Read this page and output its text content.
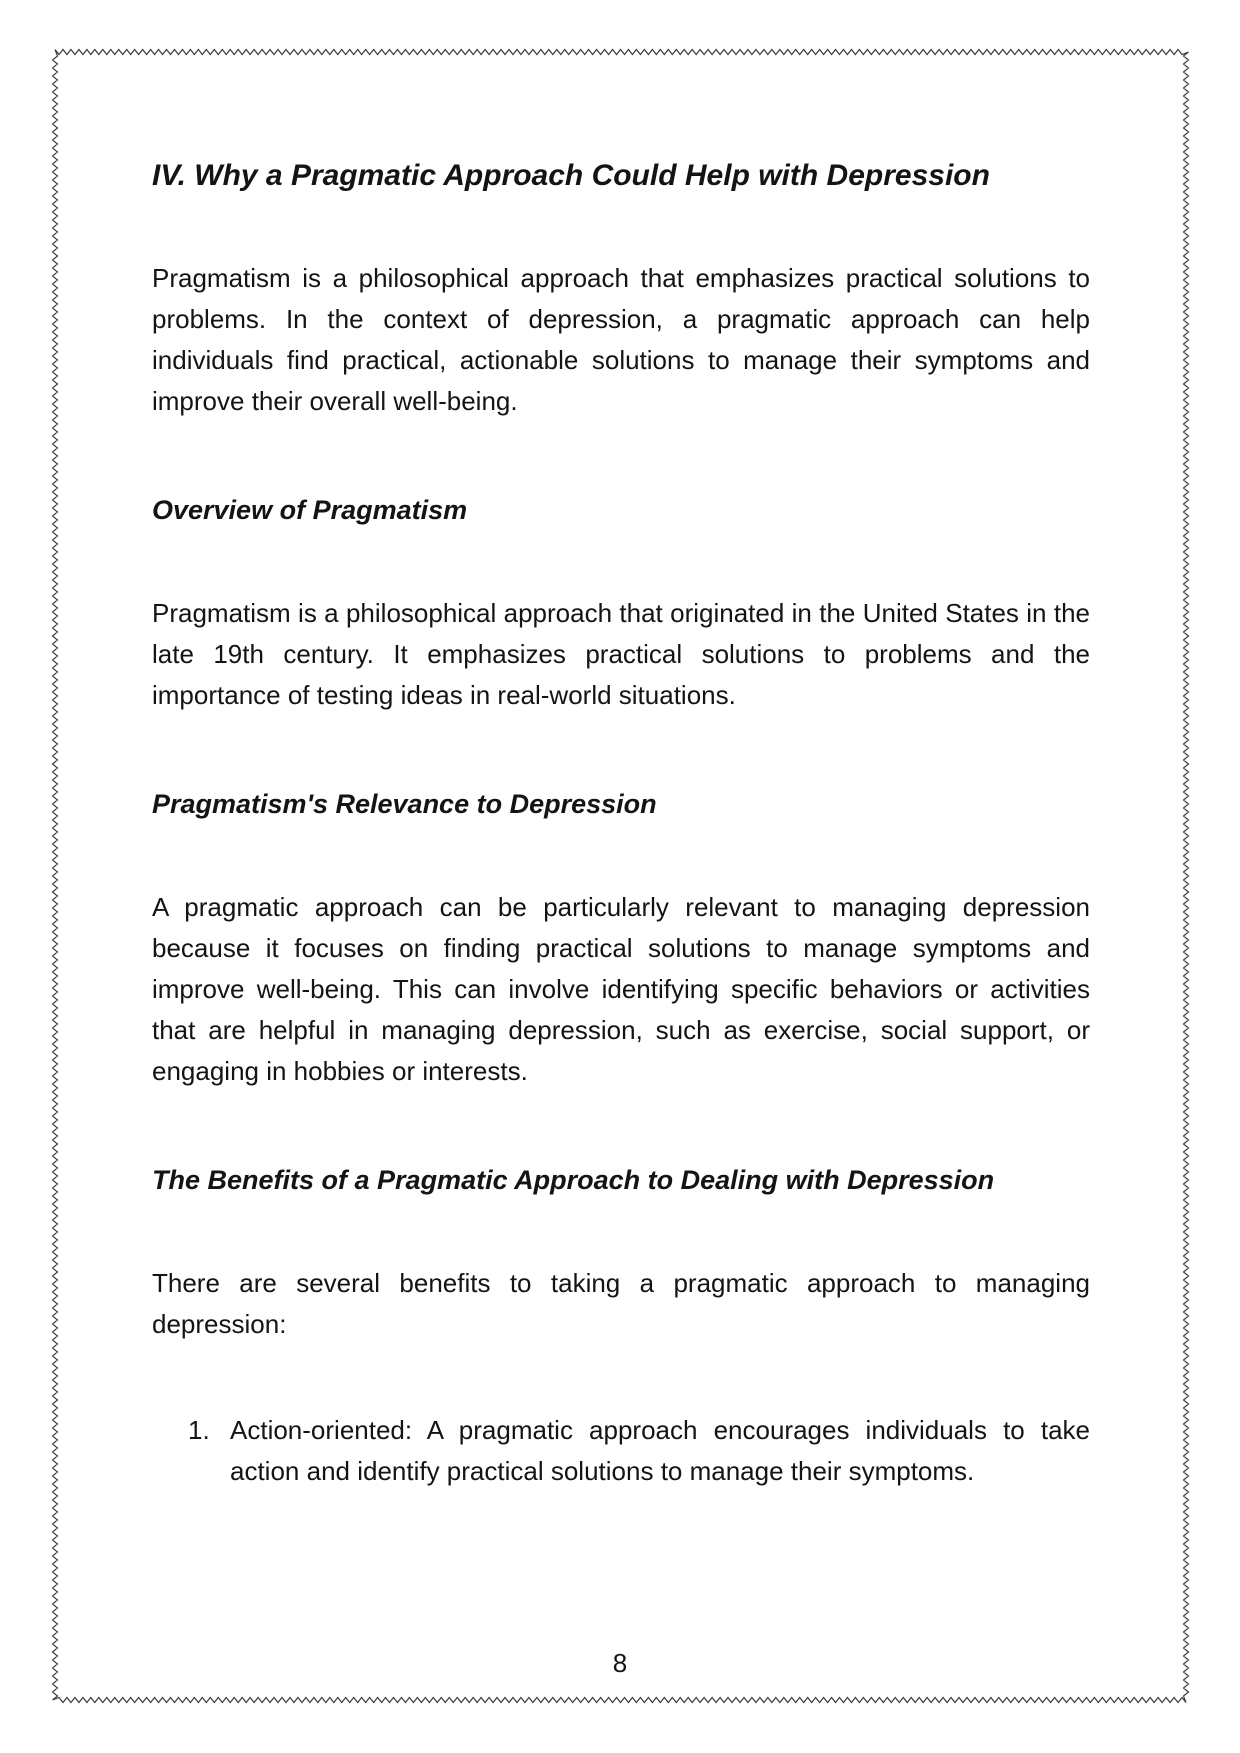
IV. Why a Pragmatic Approach Could Help with Depression

Pragmatism is a philosophical approach that emphasizes practical solutions to problems. In the context of depression, a pragmatic approach can help individuals find practical, actionable solutions to manage their symptoms and improve their overall well-being.

Overview of Pragmatism

Pragmatism is a philosophical approach that originated in the United States in the late 19th century. It emphasizes practical solutions to problems and the importance of testing ideas in real-world situations.

Pragmatism's Relevance to Depression

A pragmatic approach can be particularly relevant to managing depression because it focuses on finding practical solutions to manage symptoms and improve well-being. This can involve identifying specific behaviors or activities that are helpful in managing depression, such as exercise, social support, or engaging in hobbies or interests.

The Benefits of a Pragmatic Approach to Dealing with Depression

There are several benefits to taking a pragmatic approach to managing depression:

1. Action-oriented: A pragmatic approach encourages individuals to take action and identify practical solutions to manage their symptoms.

8
